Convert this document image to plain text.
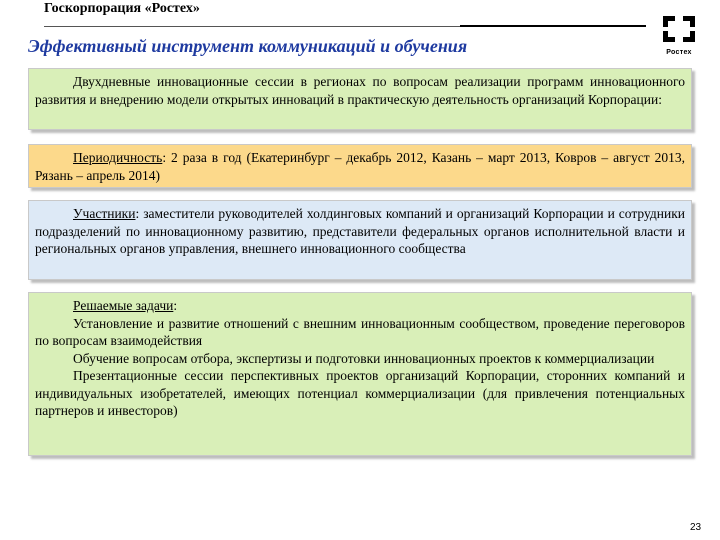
Госкорпорация «Ростех»
Ростех
Эффективный инструмент коммуникаций и обучения

Двухдневные инновационные сессии в регионах по вопросам реализации программ инновационного развития и внедрению модели открытых инноваций в практическую деятельность организаций Корпорации:

Периодичность: 2 раза в год (Екатеринбург – декабрь 2012, Казань – март 2013, Ковров – август 2013, Рязань – апрель 2014)

Участники: заместители руководителей холдинговых компаний и организаций Корпорации и сотрудники подразделений по инновационному развитию, представители федеральных органов исполнительной власти и региональных органов управления, внешнего инновационного сообщества

Решаемые задачи:

Установление и развитие отношений с внешним инновационным сообществом, проведение переговоров по вопросам взаимодействия

Обучение вопросам отбора, экспертизы и подготовки инновационных проектов к коммерциализации

Презентационные сессии перспективных проектов организаций Корпорации, сторонних компаний и индивидуальных изобретателей, имеющих потенциал коммерциализации (для привлечения потенциальных партнеров и инвесторов)

23
